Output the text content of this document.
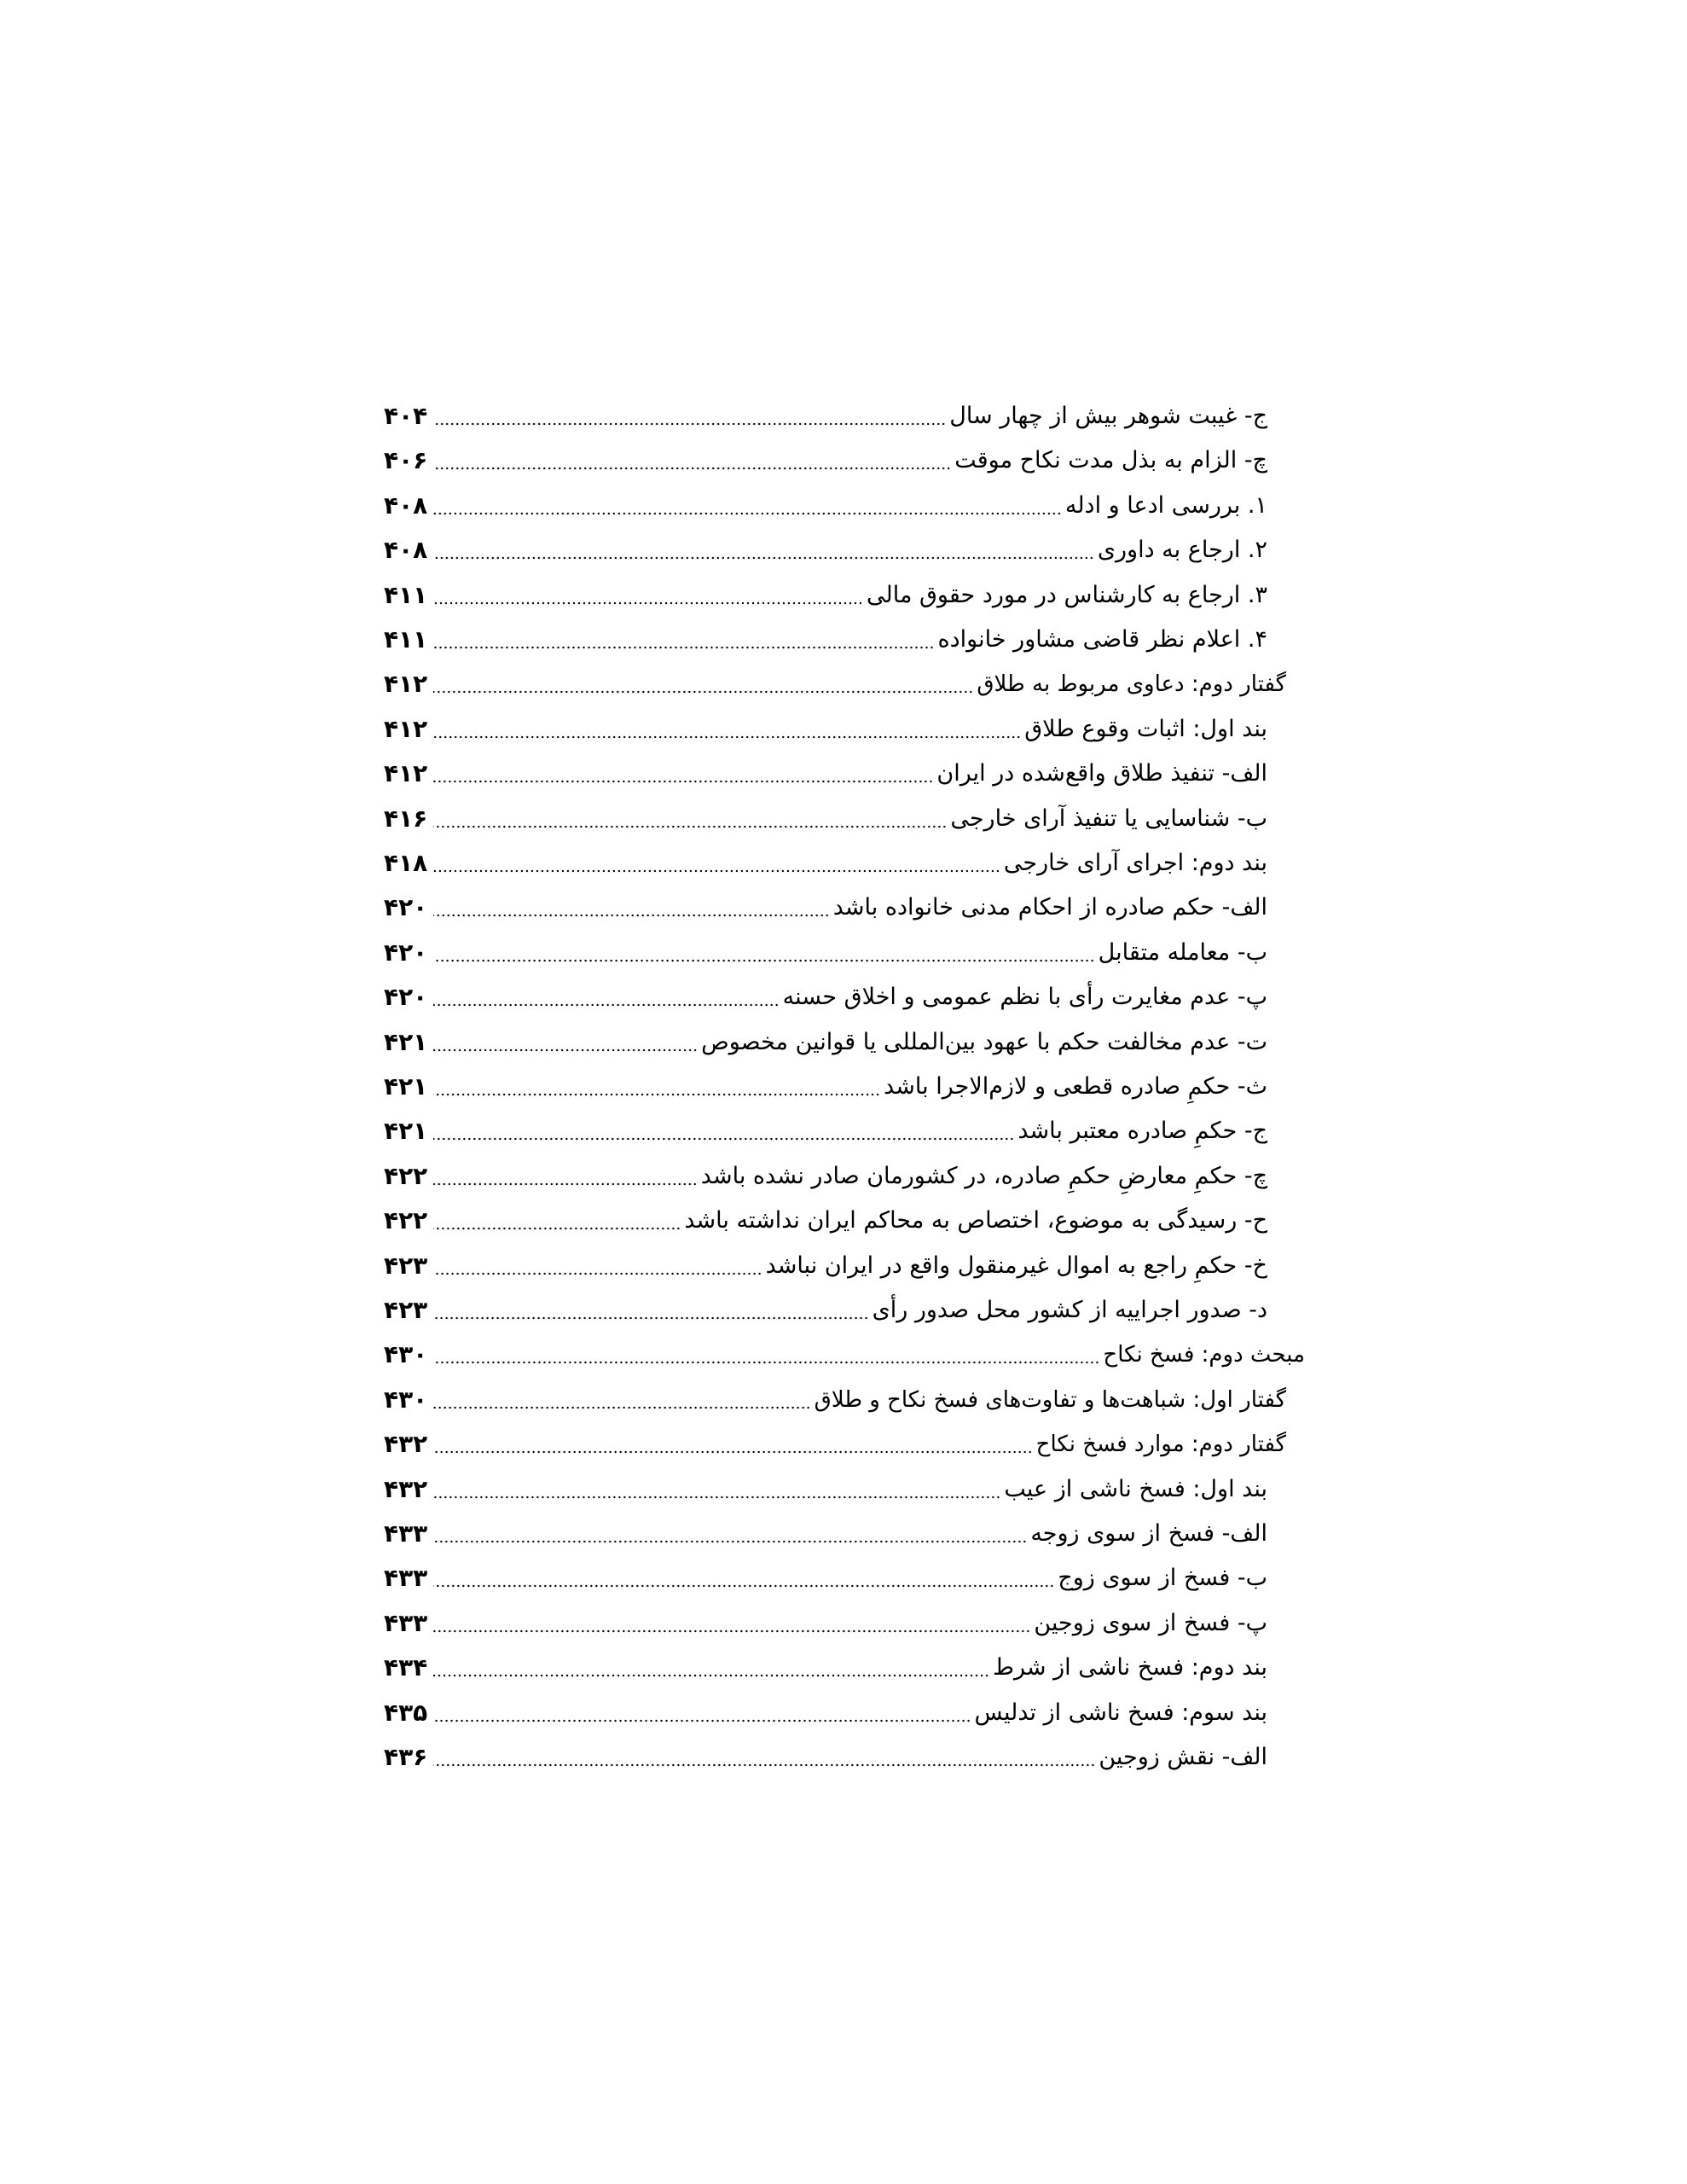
ج- غیبت شوهر بیش از چهار سال
۴۰۴
چ- الزام به بذل مدت نکاح موقت
۴۰۶
۱. بررسی ادعا و ادله
۴۰۸
۲. ارجاع به داوری
۴۰۸
۳. ارجاع به کارشناس در مورد حقوق مالی
۴۱۱
۴. اعلام نظر قاضی مشاور خانواده
۴۱۱
گفتار دوم: دعاوی مربوط به طلاق
۴۱۲
بند اول: اثبات وقوع طلاق
۴۱۲
الف- تنفیذ طلاق واقع‌شده در ایران
۴۱۲
ب- شناسایی یا تنفیذ آرای خارجی
۴۱۶
بند دوم: اجرای آرای خارجی
۴۱۸
الف- حکم صادره از احکام مدنی خانواده باشد
۴۲۰
ب- معامله متقابل
۴۲۰
پ- عدم مغایرت رأی با نظم عمومی و اخلاق حسنه
۴۲۰
ت- عدم مخالفت حکم با عهود بین‌المللی یا قوانین مخصوص
۴۲۱
ث- حکمِ صادره قطعی و لازم‌الاجرا باشد
۴۲۱
ج- حکمِ صادره معتبر باشد
۴۲۱
چ- حکمِ معارضِ حکمِ صادره، در کشورمان صادر نشده باشد
۴۲۲
ح- رسیدگی به موضوع، اختصاص به محاکم ایران نداشته باشد
۴۲۲
خ- حکمِ راجع به اموال غیرمنقول واقع در ایران نباشد
۴۲۳
د- صدور اجراییه از کشور محل صدور رأی
۴۲۳
مبحث دوم: فسخ نکاح
۴۳۰
گفتار اول: شباهت‌ها و تفاوت‌های فسخ نکاح و طلاق
۴۳۰
گفتار دوم: موارد فسخ نکاح
۴۳۲
بند اول: فسخ ناشی از عیب
۴۳۲
الف- فسخ از سوی زوجه
۴۳۳
ب- فسخ از سوی زوج
۴۳۳
پ- فسخ از سوی زوجین
۴۳۳
بند دوم: فسخ ناشی از شرط
۴۳۴
بند سوم: فسخ ناشی از تدلیس
۴۳۵
الف- نقش زوجین
۴۳۶
